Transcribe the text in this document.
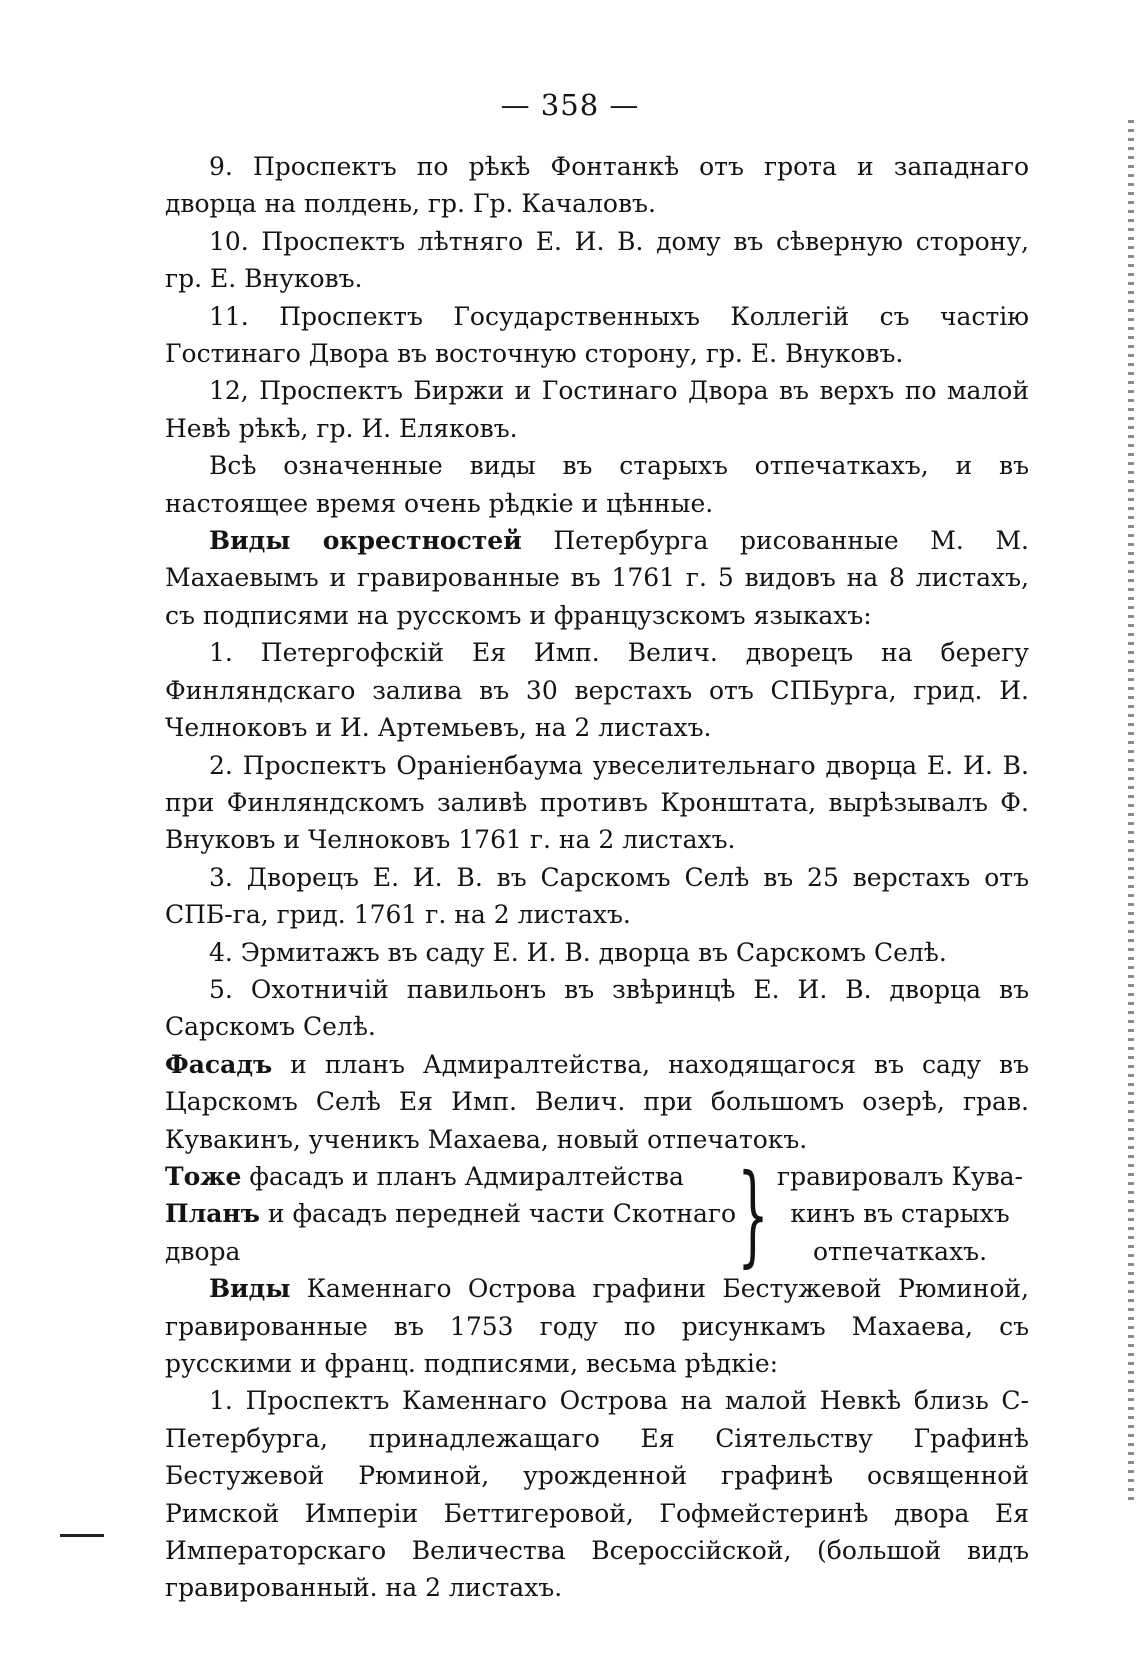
— 358 —

9. Проспектъ по рѣкѣ Фонтанкѣ отъ грота и западнаго дворца на полдень, гр. Гр. Качаловъ.

10. Проспектъ лѣтняго Е. И. В. дому въ сѣверную сторону, гр. Е. Внуковъ.

11. Проспектъ Государственныхъ Коллегій съ частію Гостинаго Двора въ восточную сторону, гр. Е. Внуковъ.

12, Проспектъ Биржи и Гостинаго Двора въ верхъ по малой Невѣ рѣкѣ, гр. И. Еляковъ.

Всѣ означенные виды въ старыхъ отпечаткахъ, и въ настоящее время очень рѣдкіе и цѣнные.

Виды окрестностей Петербурга рисованные М. М. Махаевымъ и гравированные въ 1761 г. 5 видовъ на 8 листахъ, съ подписями на русскомъ и французскомъ языкахъ:

1. Петергофскій Ея Имп. Велич. дворецъ на берегу Финляндскаго залива въ 30 верстахъ отъ СПБурга, грид. И. Челноковъ и И. Артемьевъ, на 2 листахъ.

2. Проспектъ Ораніенбаума увеселительнаго дворца Е. И. В. при Финляндскомъ заливѣ противъ Кронштата, вырѣзывалъ Ф. Внуковъ и Челноковъ 1761 г. на 2 листахъ.

3. Дворецъ Е. И. В. въ Сарскомъ Селѣ въ 25 верстахъ отъ СПБ-га, грид. 1761 г. на 2 листахъ.

4. Эрмитажъ въ саду Е. И. В. дворца въ Сарскомъ Селѣ.

5. Охотничій павильонъ въ звѣринцѣ Е. И. В. дворца въ Сарскомъ Селѣ.

Фасадъ и планъ Адмиралтейства, находящагося въ саду въ Царскомъ Селѣ Ея Имп. Велич. при большомъ озерѣ, грав. Кувакинъ, ученикъ Махаева, новый отпечатокъ.

Тоже фасадъ и планъ Адмиралтейства
Планъ и фасадъ передней части Скотнаго
двора	} гравировалъ Кува-
кинъ въ старыхъ
отпечаткахъ.

Виды Каменнаго Острова графини Бестужевой Рюминой, гравированные въ 1753 году по рисункамъ Махаева, съ русскими и франц. подписями, весьма рѣдкіе:

1. Проспектъ Каменнаго Острова на малой Невкѣ близь С-Петербурга, принадлежащаго Ея Сіятельству Графинѣ Бестужевой Рюминой, урожденной графинѣ освященной Римской Имперіи Беттигеровой, Гофмейстеринѣ двора Ея Императорскаго Величества Всероссійской, (большой видъ гравированный. на 2 листахъ.
